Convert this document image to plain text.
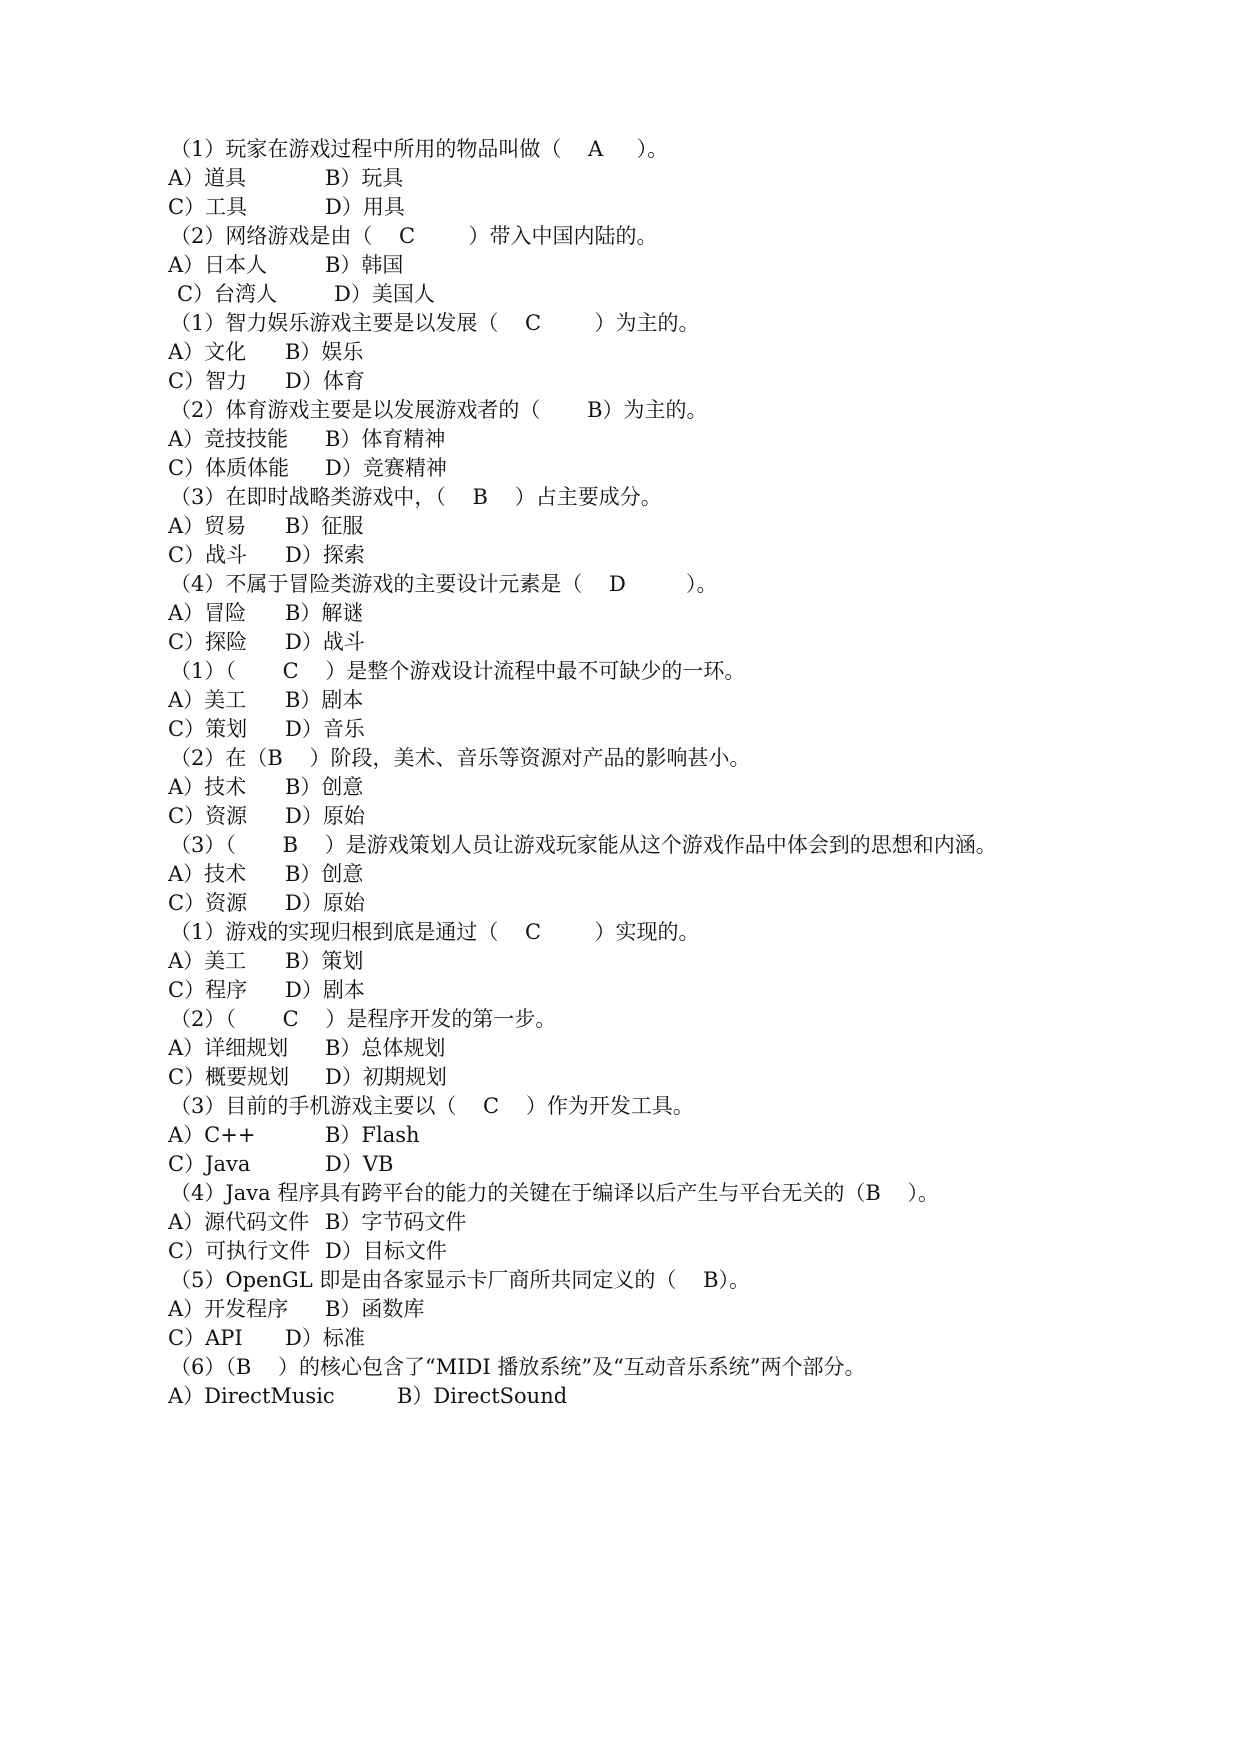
（1）玩家在游戏过程中所用的物品叫做（    A     ）。
A）道具	B）玩具
C）工具	D）用具
（2）网络游戏是由（    C        ）带入中国内陆的。
A）日本人	B）韩国
C）台湾人	D）美国人
（1）智力娱乐游戏主要是以发展（    C        ）为主的。
A）文化 B）娱乐
C）智力 D）体育
（2）体育游戏主要是以发展游戏者的（       B）为主的。
A）竞技技能 B）体育精神
C）体质体能 D）竞赛精神
（3）在即时战略类游戏中，（    B    ）占主要成分。
A）贸易 B）征服
C）战斗 D）探索
（4）不属于冒险类游戏的主要设计元素是（    D         ）。
A）冒险 B）解谜
C）探险 D）战斗
（1）（       C    ）是整个游戏设计流程中最不可缺少的一环。
A）美工 B）剧本
C）策划 D）音乐
（2）在（B    ）阶段，美术、音乐等资源对产品的影响甚小。
A）技术 B）创意
C）资源 D）原始
（3）（       B    ）是游戏策划人员让游戏玩家能从这个游戏作品中体会到的思想和内涵。
A）技术 B）创意
C）资源 D）原始
（1）游戏的实现归根到底是通过（    C        ）实现的。
A）美工 B）策划
C）程序 D）剧本
（2）（       C    ）是程序开发的第一步。
A）详细规划 B）总体规划
C）概要规划 D）初期规划
（3）目前的手机游戏主要以（    C    ）作为开发工具。
A）C++	B）Flash
C）Java	D）VB
（4）Java 程序具有跨平台的能力的关键在于编译以后产生与平台无关的（B    ）。
A）源代码文件 B）字节码文件
C）可执行文件 D）目标文件
（5）OpenGL 即是由各家显示卡厂商所共同定义的（    B）。
A）开发程序 B）函数库
C）API D）标准
（6）（B    ）的核心包含了“MIDI 播放系统”及“互动音乐系统”两个部分。
A）DirectMusic	B）DirectSound
